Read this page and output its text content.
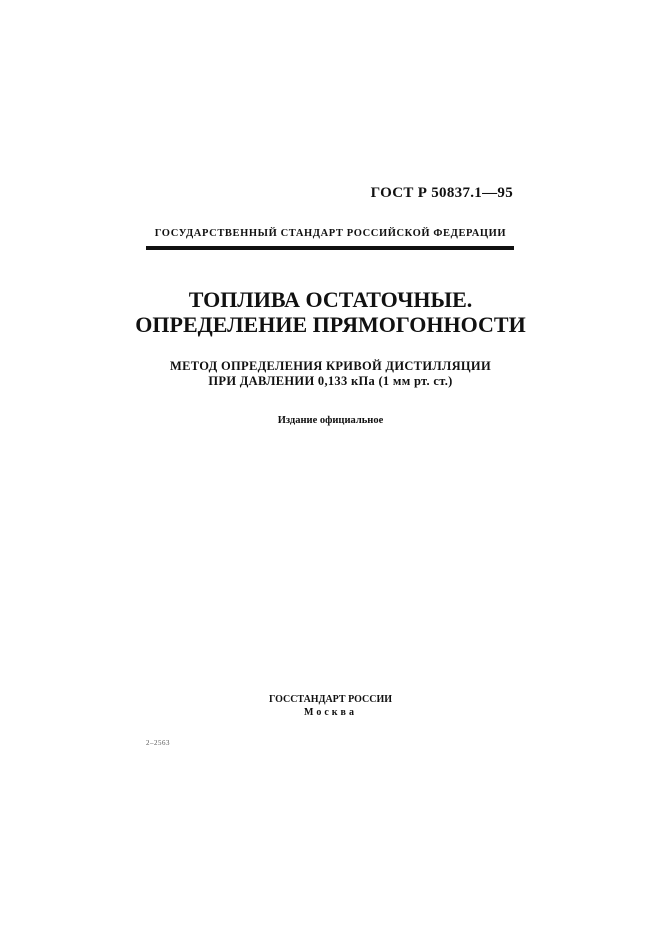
ГОСТ Р 50837.1—95
ГОСУДАРСТВЕННЫЙ СТАНДАРТ РОССИЙСКОЙ ФЕДЕРАЦИИ
ТОПЛИВА ОСТАТОЧНЫЕ.
ОПРЕДЕЛЕНИЕ ПРЯМОГОННОСТИ
МЕТОД ОПРЕДЕЛЕНИЯ КРИВОЙ ДИСТИЛЛЯЦИИ
ПРИ ДАВЛЕНИИ 0,133 кПа (1 мм рт. ст.)
Издание официальное
ГОССТАНДАРТ РОССИИ
Москва
2–2563
